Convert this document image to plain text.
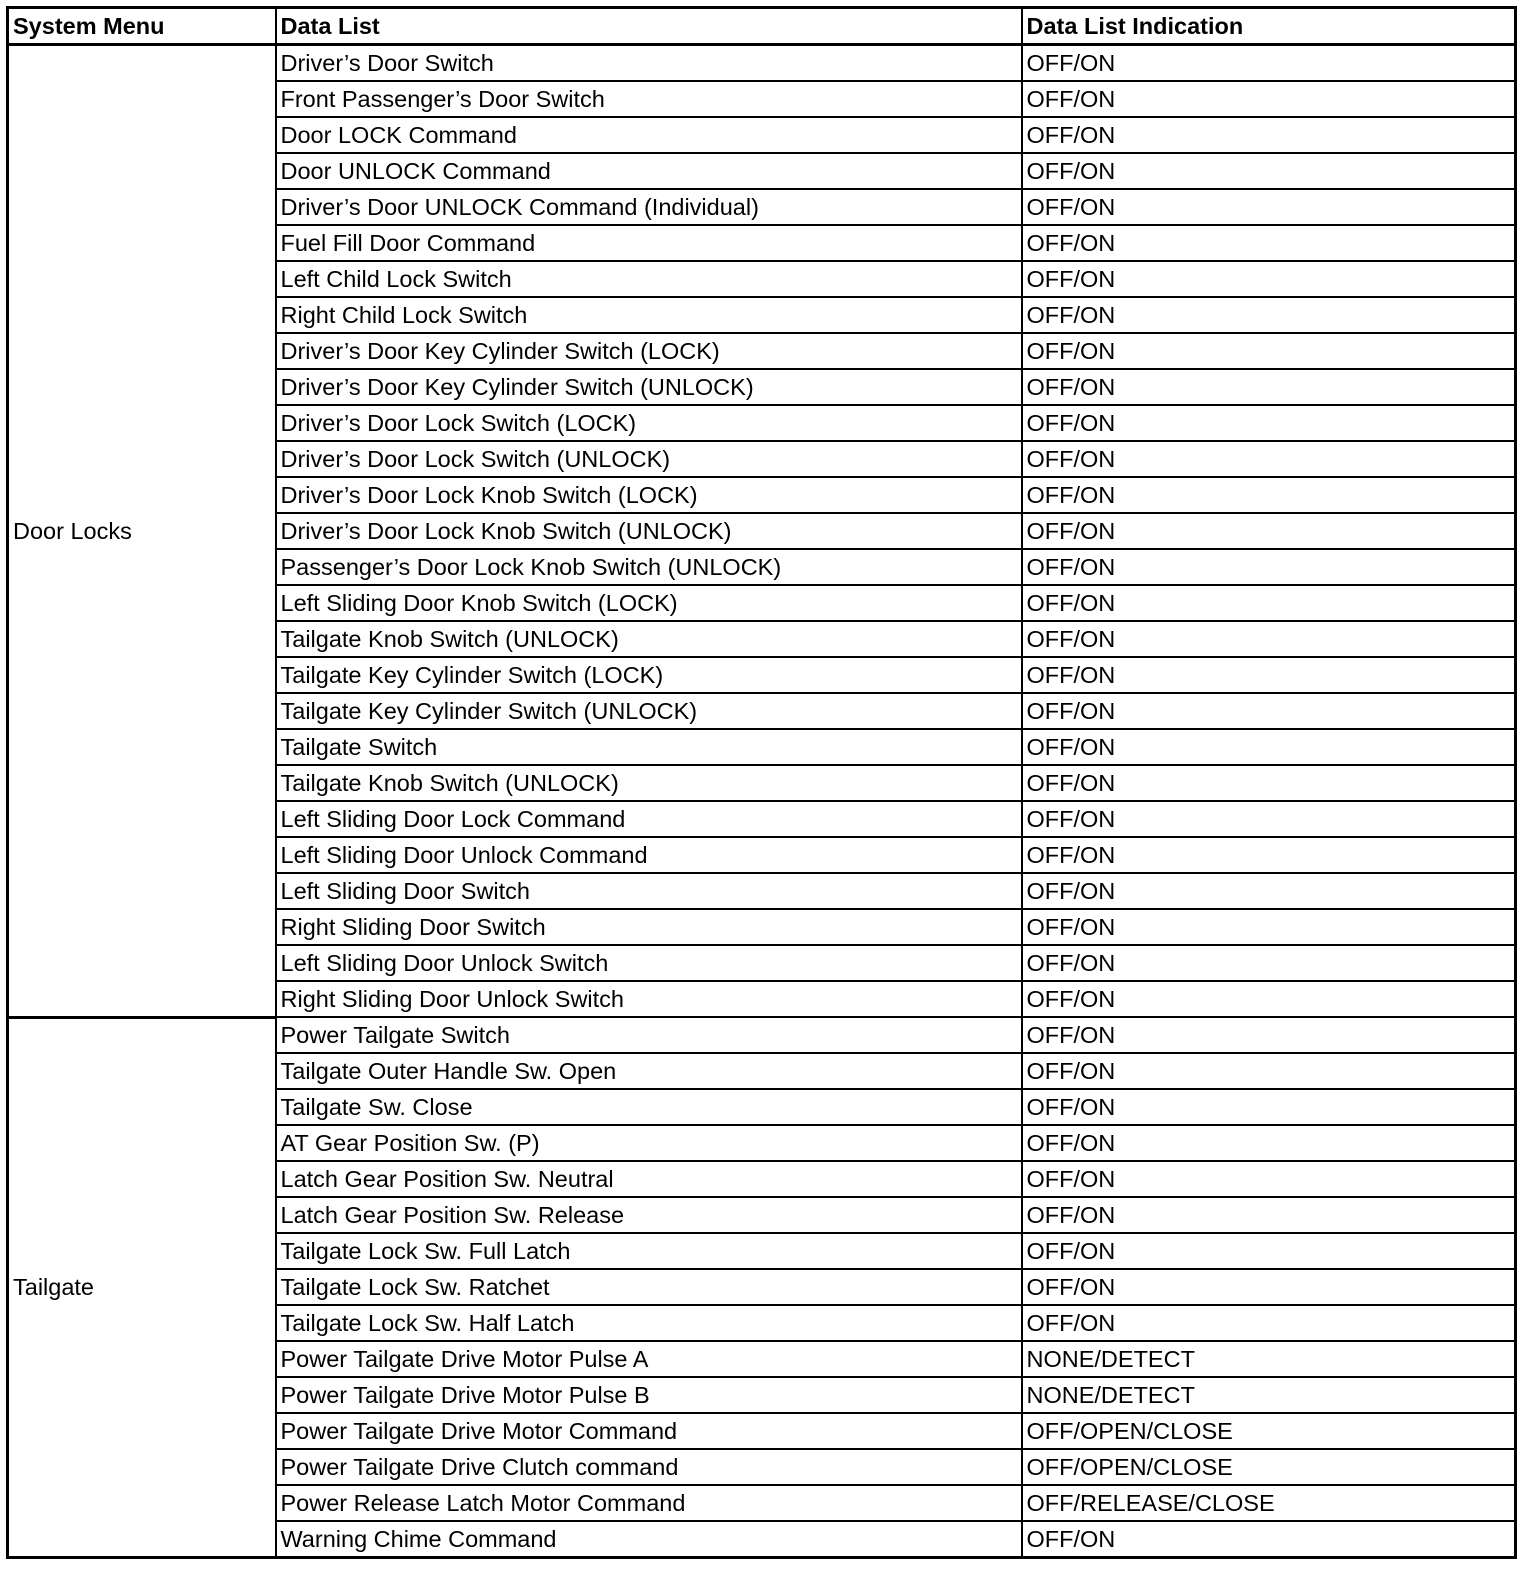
System Menu	Data List	Data List Indication
Door Locks	Driver’s Door Switch	OFF/ON
	Front Passenger’s Door Switch	OFF/ON
	Door LOCK Command	OFF/ON
	Door UNLOCK Command	OFF/ON
	Driver’s Door UNLOCK Command (Individual)	OFF/ON
	Fuel Fill Door Command	OFF/ON
	Left Child Lock Switch	OFF/ON
	Right Child Lock Switch	OFF/ON
	Driver’s Door Key Cylinder Switch (LOCK)	OFF/ON
	Driver’s Door Key Cylinder Switch (UNLOCK)	OFF/ON
	Driver’s Door Lock Switch (LOCK)	OFF/ON
	Driver’s Door Lock Switch (UNLOCK)	OFF/ON
	Driver’s Door Lock Knob Switch (LOCK)	OFF/ON
	Driver’s Door Lock Knob Switch (UNLOCK)	OFF/ON
	Passenger’s Door Lock Knob Switch (UNLOCK)	OFF/ON
	Left Sliding Door Knob Switch (LOCK)	OFF/ON
	Tailgate Knob Switch (UNLOCK)	OFF/ON
	Tailgate Key Cylinder Switch (LOCK)	OFF/ON
	Tailgate Key Cylinder Switch (UNLOCK)	OFF/ON
	Tailgate Switch	OFF/ON
	Tailgate Knob Switch (UNLOCK)	OFF/ON
	Left Sliding Door Lock Command	OFF/ON
	Left Sliding Door Unlock Command	OFF/ON
	Left Sliding Door Switch	OFF/ON
	Right Sliding Door Switch	OFF/ON
	Left Sliding Door Unlock Switch	OFF/ON
	Right Sliding Door Unlock Switch	OFF/ON
Tailgate	Power Tailgate Switch	OFF/ON
	Tailgate Outer Handle Sw. Open	OFF/ON
	Tailgate Sw. Close	OFF/ON
	AT Gear Position Sw. (P)	OFF/ON
	Latch Gear Position Sw. Neutral	OFF/ON
	Latch Gear Position Sw. Release	OFF/ON
	Tailgate Lock Sw. Full Latch	OFF/ON
	Tailgate Lock Sw. Ratchet	OFF/ON
	Tailgate Lock Sw. Half Latch	OFF/ON
	Power Tailgate Drive Motor Pulse A	NONE/DETECT
	Power Tailgate Drive Motor Pulse B	NONE/DETECT
	Power Tailgate Drive Motor Command	OFF/OPEN/CLOSE
	Power Tailgate Drive Clutch command	OFF/OPEN/CLOSE
	Power Release Latch Motor Command	OFF/RELEASE/CLOSE
	Warning Chime Command	OFF/ON
